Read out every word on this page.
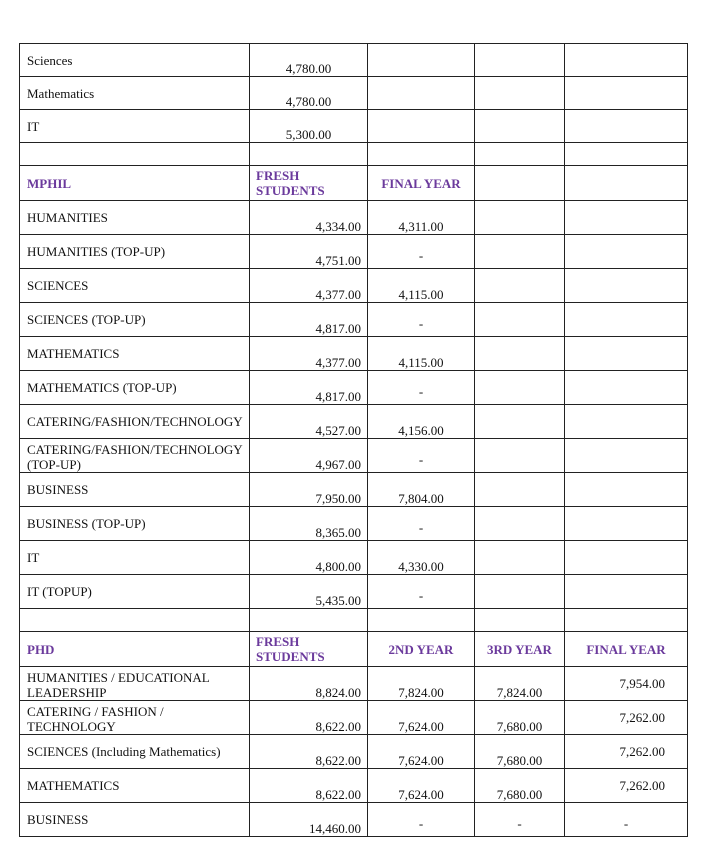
Sciences	4,780.00			

Mathematics	4,780.00			

IT	5,300.00			

MPHIL	FRESH STUDENTS	FINAL YEAR		

HUMANITIES	4,334.00	4,311.00		

HUMANITIES (TOP-UP)	4,751.00	-		

SCIENCES	4,377.00	4,115.00		

SCIENCES (TOP-UP)	4,817.00	-		

MATHEMATICS	4,377.00	4,115.00		

MATHEMATICS (TOP-UP)	4,817.00	-		

CATERING/FASHION/TECHNOLOGY	4,527.00	4,156.00		

CATERING/FASHION/TECHNOLOGY (TOP-UP)	4,967.00	-		

BUSINESS	7,950.00	7,804.00		

BUSINESS (TOP-UP)	8,365.00	-		

IT	4,800.00	4,330.00		

IT (TOPUP)	5,435.00	-		

PHD	FRESH STUDENTS	2ND YEAR	3RD YEAR	FINAL YEAR

HUMANITIES / EDUCATIONAL LEADERSHIP	8,824.00	7,824.00	7,824.00	7,954.00

CATERING / FASHION / TECHNOLOGY	8,622.00	7,624.00	7,680.00	7,262.00

SCIENCES (Including Mathematics)	8,622.00	7,624.00	7,680.00	7,262.00

MATHEMATICS	8,622.00	7,624.00	7,680.00	7,262.00

BUSINESS	14,460.00	-	-	-
